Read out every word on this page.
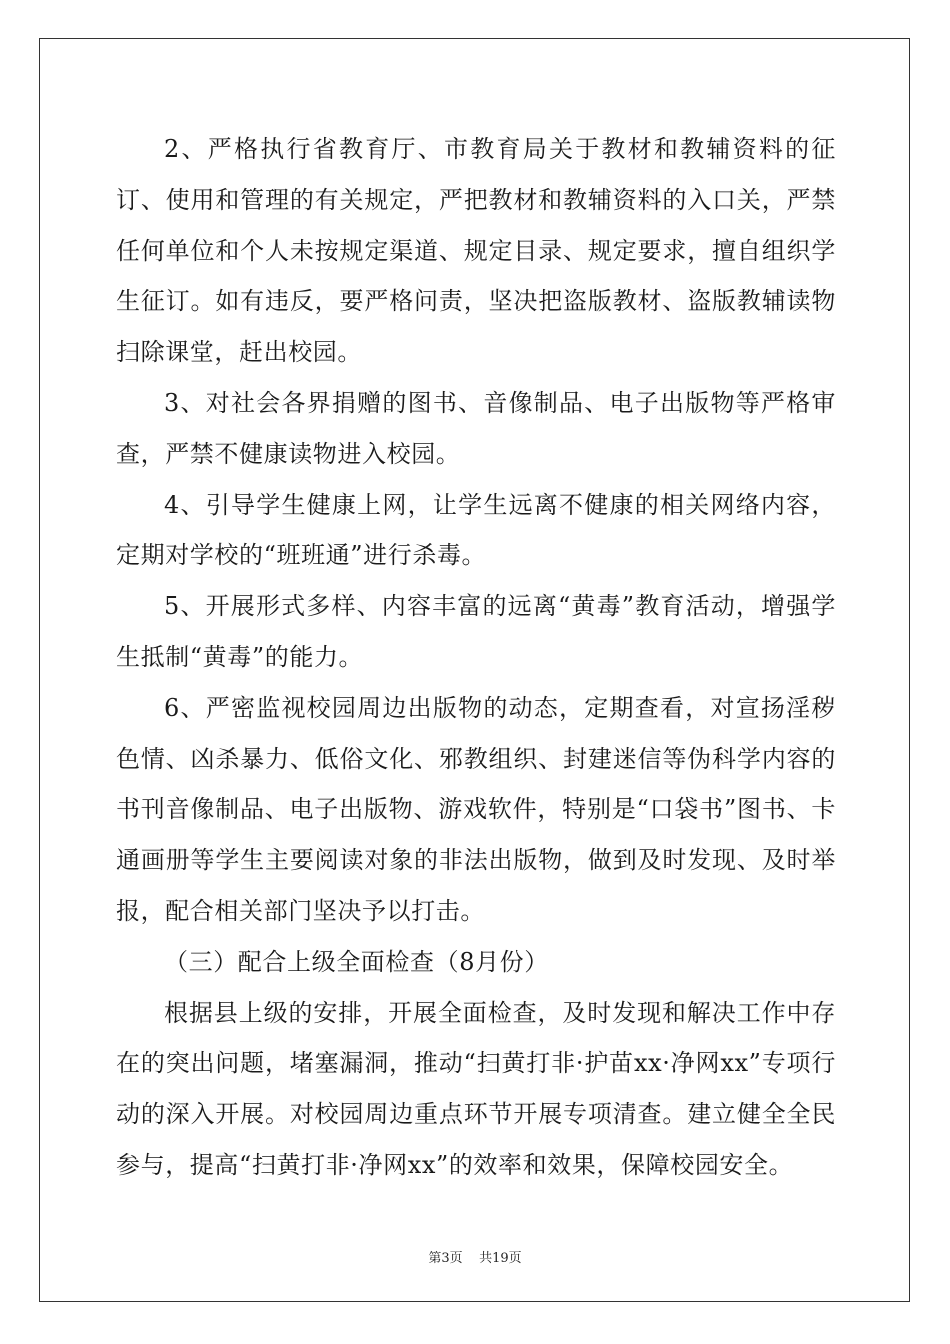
2、严格执行省教育厅、市教育局关于教材和教辅资料的征订、使用和管理的有关规定，严把教材和教辅资料的入口关，严禁任何单位和个人未按规定渠道、规定目录、规定要求，擅自组织学生征订。如有违反，要严格问责，坚决把盗版教材、盗版教辅读物扫除课堂，赶出校园。

3、对社会各界捐赠的图书、音像制品、电子出版物等严格审查，严禁不健康读物进入校园。

4、引导学生健康上网，让学生远离不健康的相关网络内容，定期对学校的“班班通”进行杀毒。

5、开展形式多样、内容丰富的远离“黄毒”教育活动，增强学生抵制“黄毒”的能力。

6、严密监视校园周边出版物的动态，定期查看，对宣扬淫秽色情、凶杀暴力、低俗文化、邪教组织、封建迷信等伪科学内容的书刊音像制品、电子出版物、游戏软件，特别是“口袋书”图书、卡通画册等学生主要阅读对象的非法出版物，做到及时发现、及时举报，配合相关部门坚决予以打击。

（三）配合上级全面检查（8月份）

根据县上级的安排，开展全面检查，及时发现和解决工作中存在的突出问题，堵塞漏洞，推动“扫黄打非·护苗xx·净网xx”专项行动的深入开展。对校园周边重点环节开展专项清查。建立健全全民参与，提高“扫黄打非·净网xx”的效率和效果，保障校园安全。

第3页 共19页
